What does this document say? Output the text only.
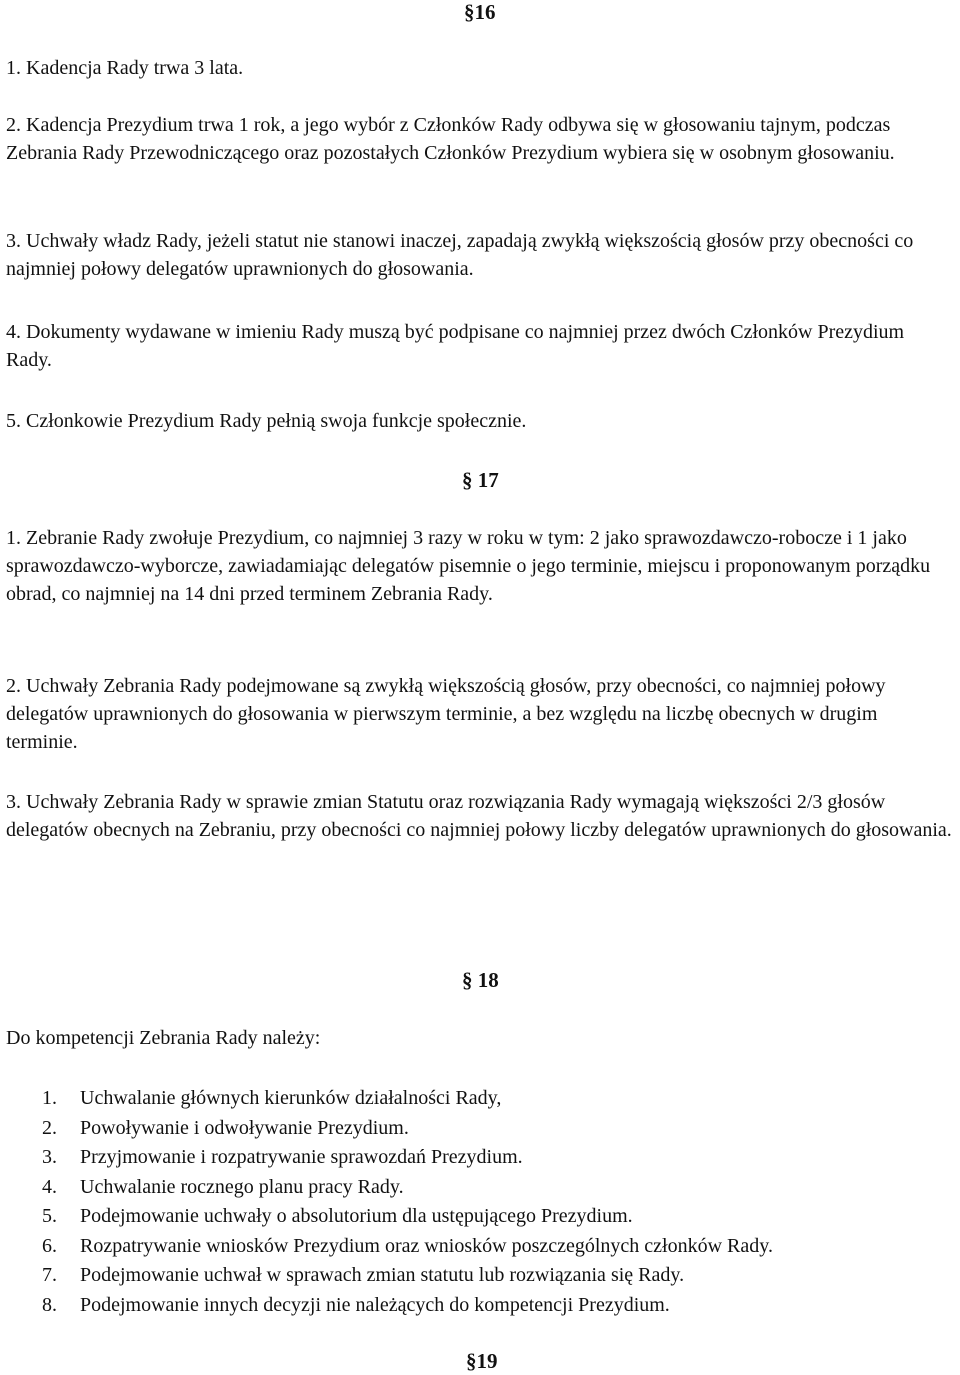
§16

1. Kadencja Rady trwa 3 lata.

2. Kadencja Prezydium trwa 1 rok, a jego wybór z Członków Rady odbywa się w głosowaniu tajnym, podczas Zebrania Rady Przewodniczącego oraz pozostałych Członków Prezydium wybiera się w osobnym głosowaniu.

3. Uchwały władz Rady, jeżeli statut nie stanowi inaczej, zapadają zwykłą większością głosów przy obecności co najmniej połowy delegatów uprawnionych do głosowania.

4. Dokumenty wydawane w imieniu Rady muszą być podpisane co najmniej przez dwóch Członków Prezydium Rady.

5. Członkowie Prezydium Rady pełnią swoja funkcje społecznie.

§ 17

1. Zebranie Rady zwołuje Prezydium, co najmniej 3 razy w roku w tym: 2 jako sprawozdawczo-robocze i 1 jako sprawozdawczo-wyborcze, zawiadamiając delegatów pisemnie o jego terminie, miejscu i proponowanym porządku obrad, co najmniej na 14 dni przed terminem Zebrania Rady.

2. Uchwały Zebrania Rady podejmowane są zwykłą większością głosów, przy obecności, co najmniej połowy delegatów uprawnionych do głosowania w pierwszym terminie, a bez względu na liczbę obecnych w drugim terminie.

3. Uchwały Zebrania Rady w sprawie zmian Statutu oraz rozwiązania Rady wymagają większości 2/3 głosów delegatów obecnych na Zebraniu, przy obecności co najmniej połowy liczby delegatów uprawnionych do głosowania.

§ 18

Do kompetencji Zebrania Rady należy:

1. Uchwalanie głównych kierunków działalności Rady,
2. Powoływanie i odwoływanie Prezydium.
3. Przyjmowanie i rozpatrywanie sprawozdań Prezydium.
4. Uchwalanie rocznego planu pracy Rady.
5. Podejmowanie uchwały o absolutorium dla ustępującego Prezydium.
6. Rozpatrywanie wniosków Prezydium oraz wniosków poszczególnych członków Rady.
7. Podejmowanie uchwał w sprawach zmian statutu lub rozwiązania się Rady.
8. Podejmowanie innych decyzji nie należących do kompetencji Prezydium.
§19
